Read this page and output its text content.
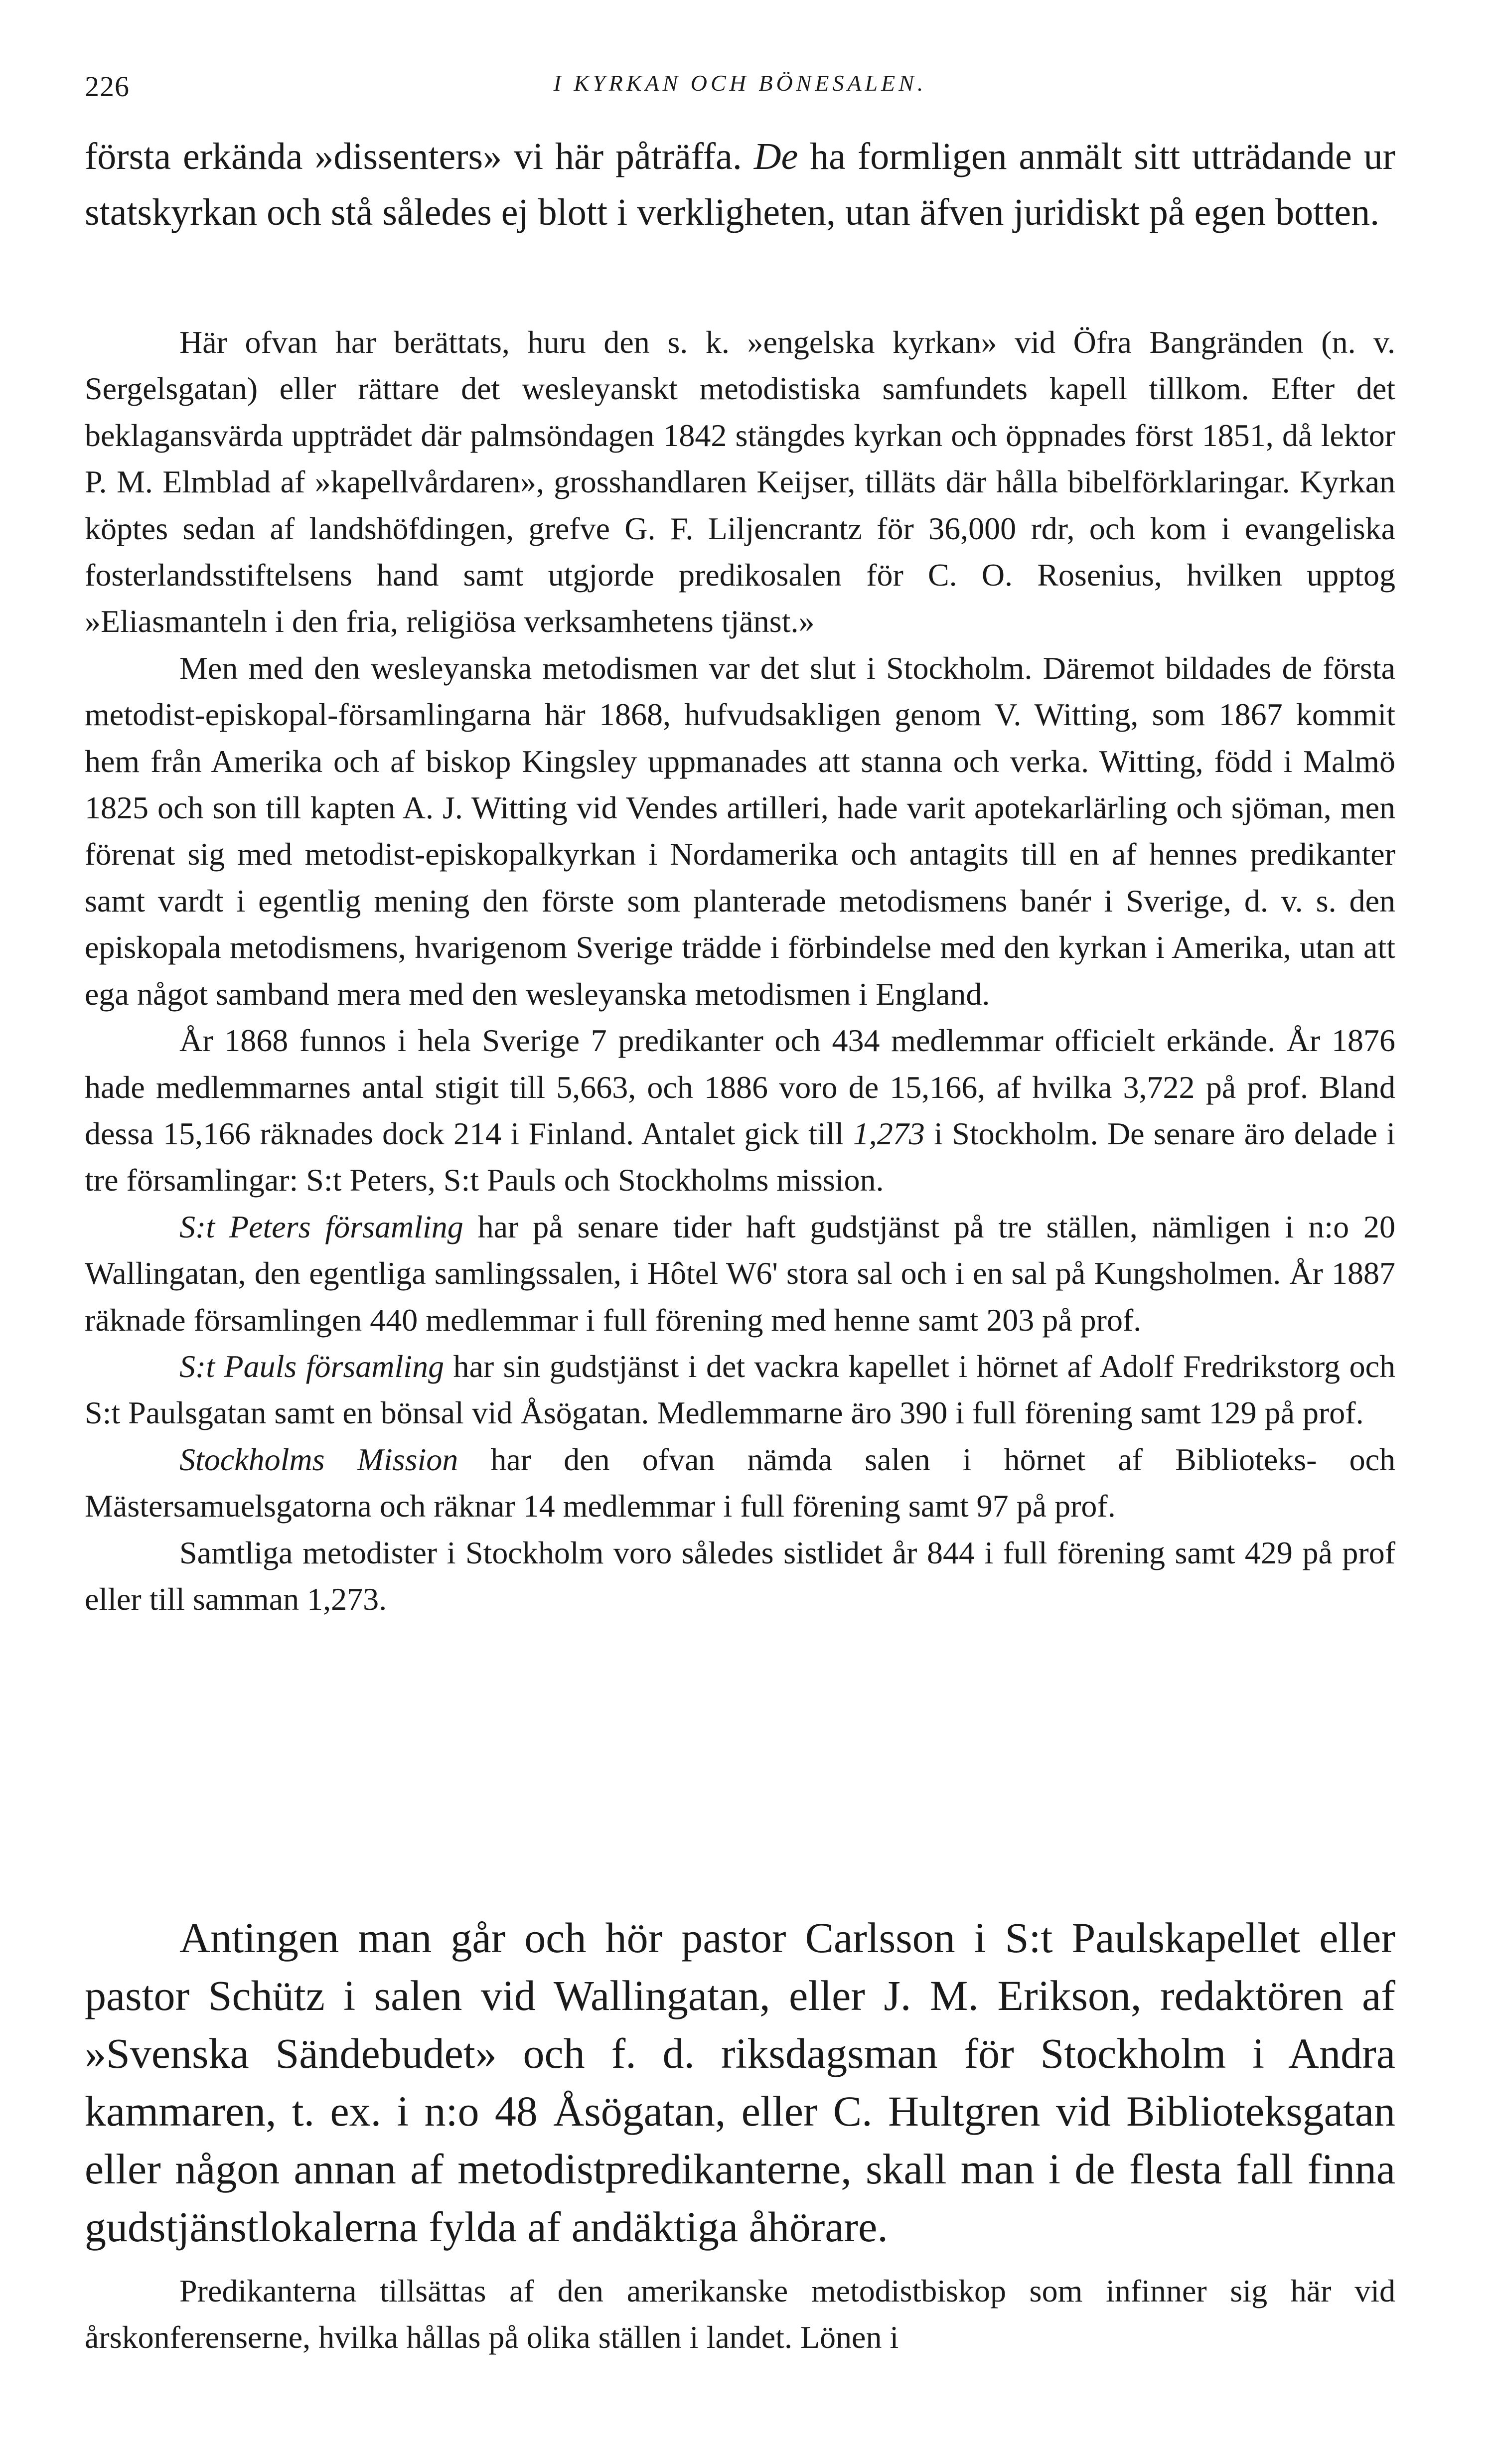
226	I KYRKAN OCH BÖNESALEN.

första erkända »dissenters» vi här påträffa. De ha formligen anmält sitt utträdande ur statskyrkan och stå således ej blott i verkligheten, utan äfven juridiskt på egen botten.

Här ofvan har berättats, huru den s. k. »engelska kyrkan» vid Öfra Bangränden (n. v. Sergelsgatan) eller rättare det wesleyanskt metodistiska samfundets kapell tillkom. Efter det beklagansvärda uppträdet där palmsöndagen 1842 stängdes kyrkan och öppnades först 1851, då lektor P. M. Elmblad af »kapellvårdaren», grosshandlaren Keijser, tilläts där hålla bibelförklaringar. Kyrkan köptes sedan af landshöfdingen, grefve G. F. Liljencrantz för 36,000 rdr, och kom i evangeliska fosterlandsstiftelsens hand samt utgjorde predikosalen för C. O. Rosenius, hvilken upptog »Eliasmanteln i den fria, religiösa verksamhetens tjänst.»

Men med den wesleyanska metodismen var det slut i Stockholm. Däremot bildades de första metodist-episkopal-församlingarna här 1868, hufvudsakligen genom V. Witting, som 1867 kommit hem från Amerika och af biskop Kingsley uppmanades att stanna och verka. Witting, född i Malmö 1825 och son till kapten A. J. Witting vid Vendes artilleri, hade varit apotekarlärling och sjöman, men förenat sig med metodist-episkopalkyrkan i Nordamerika och antagits till en af hennes predikanter samt vardt i egentlig mening den förste som planterade metodismens banér i Sverige, d. v. s. den episkopala metodismens, hvarigenom Sverige trädde i förbindelse med den kyrkan i Amerika, utan att ega något samband mera med den wesleyanska metodismen i England.

År 1868 funnos i hela Sverige 7 predikanter och 434 medlemmar officielt erkände. År 1876 hade medlemmarnes antal stigit till 5,663, och 1886 voro de 15,166, af hvilka 3,722 på prof. Bland dessa 15,166 räknades dock 214 i Finland. Antalet gick till 1,273 i Stockholm. De senare äro delade i tre församlingar: S:t Peters, S:t Pauls och Stockholms mission.

S:t Peters församling har på senare tider haft gudstjänst på tre ställen, nämligen i n:o 20 Wallingatan, den egentliga samlingssalen, i Hôtel W6' stora sal och i en sal på Kungsholmen. År 1887 räknade församlingen 440 medlemmar i full förening med henne samt 203 på prof.

S:t Pauls församling har sin gudstjänst i det vackra kapellet i hörnet af Adolf Fredrikstorg och S:t Paulsgatan samt en bönsal vid Åsögatan. Medlemmarne äro 390 i full förening samt 129 på prof.

Stockholms Mission har den ofvan nämda salen i hörnet af Biblioteks- och Mästersamuelsgatorna och räknar 14 medlemmar i full förening samt 97 på prof.

Samtliga metodister i Stockholm voro således sistlidet år 844 i full förening samt 429 på prof eller till samman 1,273.

Antingen man går och hör pastor Carlsson i S:t Paulskapellet eller pastor Schütz i salen vid Wallingatan, eller J. M. Erikson, redaktören af »Svenska Sändebudet» och f. d. riksdagsman för Stockholm i Andra kammaren, t. ex. i n:o 48 Åsögatan, eller C. Hultgren vid Biblioteksgatan eller någon annan af metodistpredikanterne, skall man i de flesta fall finna gudstjänstlokalerna fylda af andäktiga åhörare.

Predikanterna tillsättas af den amerikanske metodistbiskop som infinner sig här vid årskonferenserne, hvilka hållas på olika ställen i landet. Lönen i
